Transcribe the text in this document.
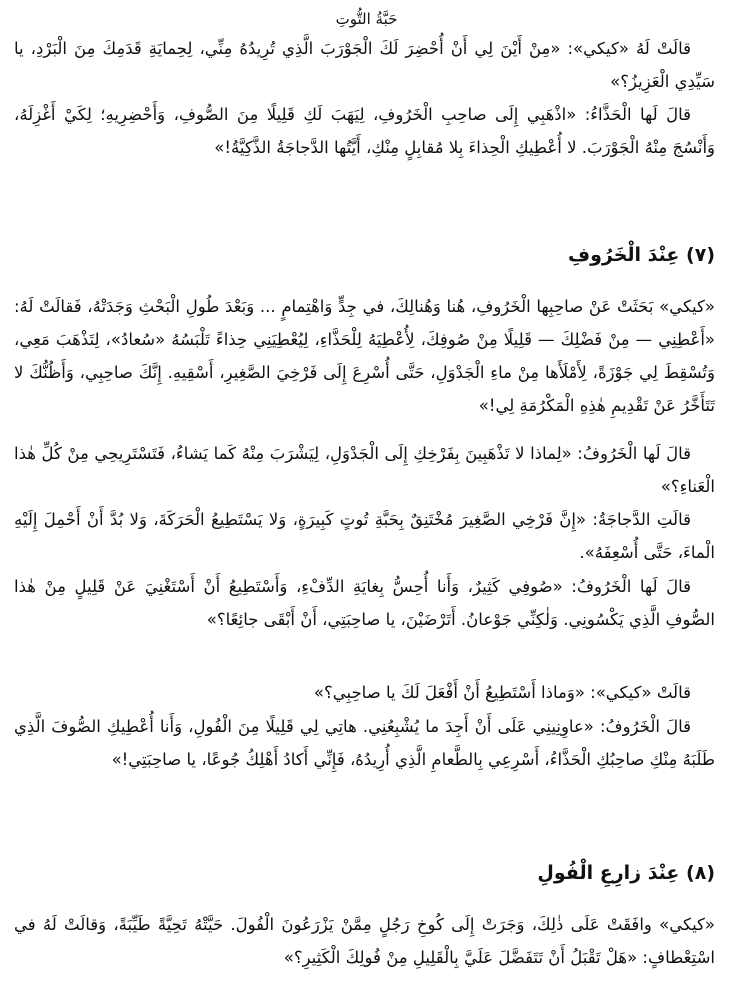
حَبَّةُ التُّوتِ

قالَتْ لَهُ «كيكي»: «مِنْ أَيْنَ لِي أَنْ أُحْضِرَ لَكَ الْجَوْرَبَ الَّذِي تُرِيدُهُ مِنِّي، لِحِمايَةِ قَدَمِكَ مِنَ الْبَرْدِ، يا سَيِّدِي الْعَزِيزُ؟»

قالَ لَها الْحَذَّاءُ: «اذْهَبِي إِلَى صاحِبِ الْخَرُوفِ، لِيَهَبَ لَكِ قَلِيلًا مِنَ الصُّوفِ، وَأَحْضِرِيهِ؛ لِكَيْ أَغْزِلَهُ، وَأَنْسُجَ مِنْهُ الْجَوْرَبَ. لا أُعْطِيكِ الْحِذاءَ بِلا مُقابِلٍ مِنْكِ، أَيَّتُها الدَّجاجَةُ الذَّكِيَّةُ!»

(٧) عِنْدَ الْخَرُوفِ

«كيكي» بَحَثَتْ عَنْ صاحِبِها الْخَرُوفِ، هُنا وَهُنالِكَ، في جِدٍّ وَاهْتِمامٍ ... وَبَعْدَ طُولِ الْبَحْثِ وَجَدَتْهُ، فَقالَتْ لَهُ: «أَعْطِنِي — مِنْ فَضْلِكَ — قَلِيلًا مِنْ صُوفِكَ، لِأُعْطِيَهُ لِلْحَذَّاءِ، لِيُعْطِيَنِي حِذاءً تَلْبَسُهُ «سُعادُ»، لِتَذْهَبَ مَعِي، وَتُسْقِطَ لِي جَوْزَةً، لِأَمْلَأَها مِنْ ماءِ الْجَدْوَلِ، حَتَّى أُسْرِعَ إِلَى فَرْخِيَ الصَّغِيرِ، أَسْقِيهِ. إِنَّكَ صاحِبِي، وَأَظُنُّكَ لا تَتَأَخَّرُ عَنْ تَقْدِيمِ هٰذِهِ الْمَكْرُمَةِ لِي!»

قالَ لَها الْخَرُوفُ: «لِماذا لا تَذْهَبِينَ بِفَرْخِكِ إِلَى الْجَدْوَلِ، لِيَشْرَبَ مِنْهُ كَما يَشاءُ، فَتَسْتَرِيحِي مِنْ كُلِّ هٰذا الْعَناءِ؟»

قالَتِ الدَّجاجَةُ: «إِنَّ فَرْخِي الصَّغِيرَ مُخْتَنِقٌ بِحَبَّةِ تُوتٍ كَبِيرَةٍ، وَلا يَسْتَطِيعُ الْحَرَكَةَ، وَلا بُدَّ أَنْ أَحْمِلَ إِلَيْهِ الْماءَ، حَتَّى أُسْعِفَهُ».

قالَ لَها الْخَرُوفُ: «صُوفِي كَثِيرٌ، وَأَنا أُحِسُّ بِغايَةِ الدِّفْءِ، وَأَسْتَطِيعُ أَنْ أَسْتَغْنِيَ عَنْ قَلِيلٍ مِنْ هٰذا الصُّوفِ الَّذِي يَكْسُونِي. وَلٰكِنِّي جَوْعانُ. أَتَرْضَيْنَ، يا صاحِبَتِي، أَنْ أَبْقَى جائِعًا؟»

قالَتْ «كيكي»: «وَماذا أَسْتَطِيعُ أَنْ أَفْعَلَ لَكَ يا صاحِبِي؟»

قالَ الْخَرُوفُ: «عاوِنِينِي عَلَى أَنْ أَجِدَ ما يُشْبِعُنِي. هاتِي لِي قَلِيلًا مِنَ الْفُولِ، وَأَنا أُعْطِيكِ الصُّوفَ الَّذِي طَلَبَهُ مِنْكِ صاحِبُكِ الْحَذَّاءُ، أَسْرِعِي بِالطَّعامِ الَّذِي أُرِيدُهُ، فَإِنِّي أَكادُ أَهْلِكُ جُوعًا، يا صاحِبَتِي!»

(٨) عِنْدَ زارِعِ الْفُولِ

«كيكي» وافَقَتْ عَلَى ذٰلِكَ، وَجَرَتْ إِلَى كُوخِ رَجُلٍ مِمَّنْ يَزْرَعُونَ الْفُولَ. حَيَّتْهُ تَحِيَّةً طَيِّبَةً، وَقالَتْ لَهُ في اسْتِعْطافٍ: «هَلْ تَقْبَلُ أَنْ تَتَفَضَّلَ عَلَيَّ بِالْقَلِيلِ مِنْ فُولِكَ الْكَثِيرِ؟»
